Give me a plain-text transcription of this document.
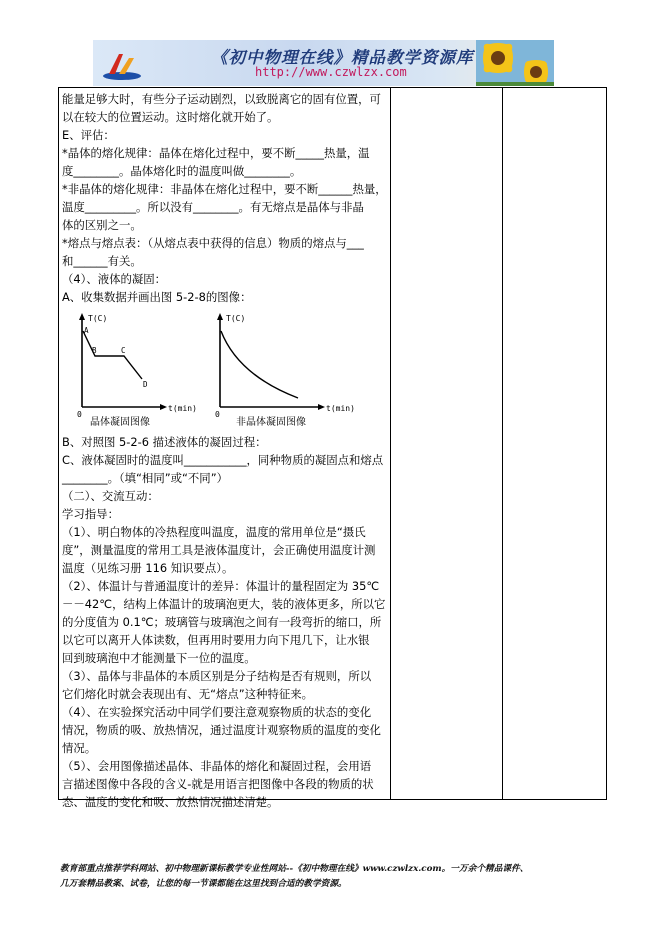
《初中物理在线》精品教学资源库
http://www.czwlzx.com
能量足够大时，有些分子运动剧烈，以致脱离它的固有位置，可
以在较大的位置运动。这时熔化就开始了。
E、评估：
*晶体的熔化规律：晶体在熔化过程中，要不断_____热量，温
度________。晶体熔化时的温度叫做________。
*非晶体的熔化规律：非晶体在熔化过程中，要不断______热量，
温度_________。所以没有________。有无熔点是晶体与非晶
体的区别之一。
*熔点与熔点表：（从熔点表中获得的信息）物质的熔点与___
和______有关。
（4）、液体的凝固：
A、收集数据并画出图 5-2-8的图像：
T(C)
t(min)
0
A
B	C
D
晶体凝固图像
T(C)
t(min)
0
非晶体凝固图像
B、对照图 5-2-6 描述液体的凝固过程：
C、液体凝固时的温度叫___________，同种物质的凝固点和熔点
________。（填“相同”或“不同”）
（二）、交流互动：
学习指导：
（1）、明白物体的冷热程度叫温度，温度的常用单位是“摄氏
度”，测量温度的常用工具是液体温度计，会正确使用温度计测
温度（见练习册 116 知识要点）。
（2）、体温计与普通温度计的差异：体温计的量程固定为 35℃
－－42℃，结构上体温计的玻璃泡更大，装的液体更多，所以它
的分度值为 0.1℃；玻璃管与玻璃泡之间有一段弯折的缩口，所
以它可以离开人体读数，但再用时要用力向下甩几下，让水银
回到玻璃泡中才能测量下一位的温度。
（3）、晶体与非晶体的本质区别是分子结构是否有规则，所以
它们熔化时就会表现出有、无“熔点”这种特征来。
（4）、在实验探究活动中同学们要注意观察物质的状态的变化
情况，物质的吸、放热情况，通过温度计观察物质的温度的变化
情况。
（5）、会用图像描述晶体、非晶体的熔化和凝固过程，会用语
言描述图像中各段的含义-就是用语言把图像中各段的物质的状
态、温度的变化和吸、放热情况描述清楚。
教育部重点推荐学科网站、初中物理新课标教学专业性网站--《初中物理在线》www.czwlzx.com。一万余个精品课件、
几万套精品教案、试卷，让您的每一节课都能在这里找到合适的教学资源。
